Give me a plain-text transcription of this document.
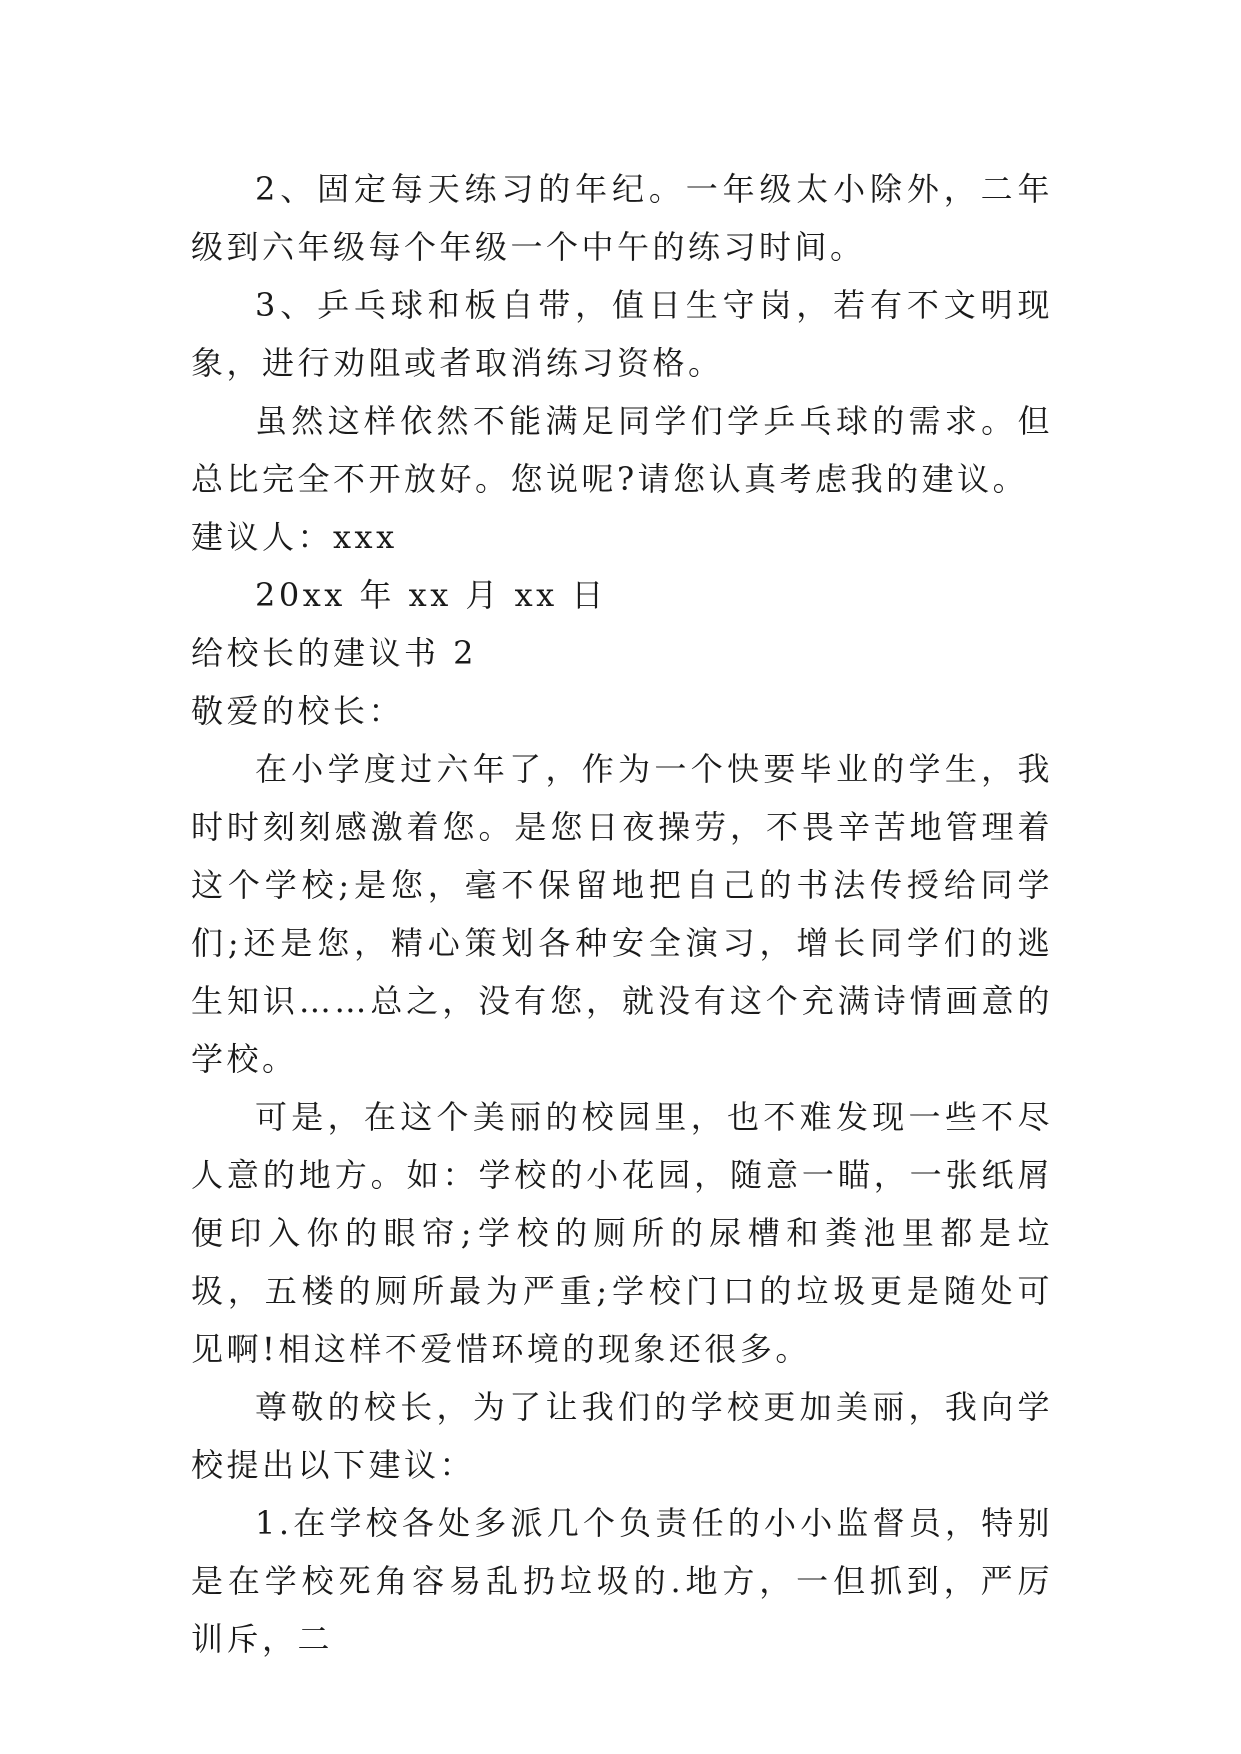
2、固定每天练习的年纪。一年级太小除外，二年级到六年级每个年级一个中午的练习时间。

3、乒乓球和板自带，值日生守岗，若有不文明现象，进行劝阻或者取消练习资格。

虽然这样依然不能满足同学们学乒乓球的需求。但总比完全不开放好。您说呢?请您认真考虑我的建议。

建议人：xxx

20xx 年 xx 月 xx 日

给校长的建议书 2

敬爱的校长：

在小学度过六年了，作为一个快要毕业的学生，我时时刻刻感激着您。是您日夜操劳，不畏辛苦地管理着这个学校;是您，毫不保留地把自己的书法传授给同学们;还是您，精心策划各种安全演习，增长同学们的逃生知识……总之，没有您，就没有这个充满诗情画意的学校。

可是，在这个美丽的校园里，也不难发现一些不尽人意的地方。如：学校的小花园，随意一瞄，一张纸屑便印入你的眼帘;学校的厕所的尿槽和粪池里都是垃圾，五楼的厕所最为严重;学校门口的垃圾更是随处可见啊!相这样不爱惜环境的现象还很多。

尊敬的校长，为了让我们的学校更加美丽，我向学校提出以下建议：

1.在学校各处多派几个负责任的小小监督员，特别是在学校死角容易乱扔垃圾的.地方，一但抓到，严厉训斥，二
